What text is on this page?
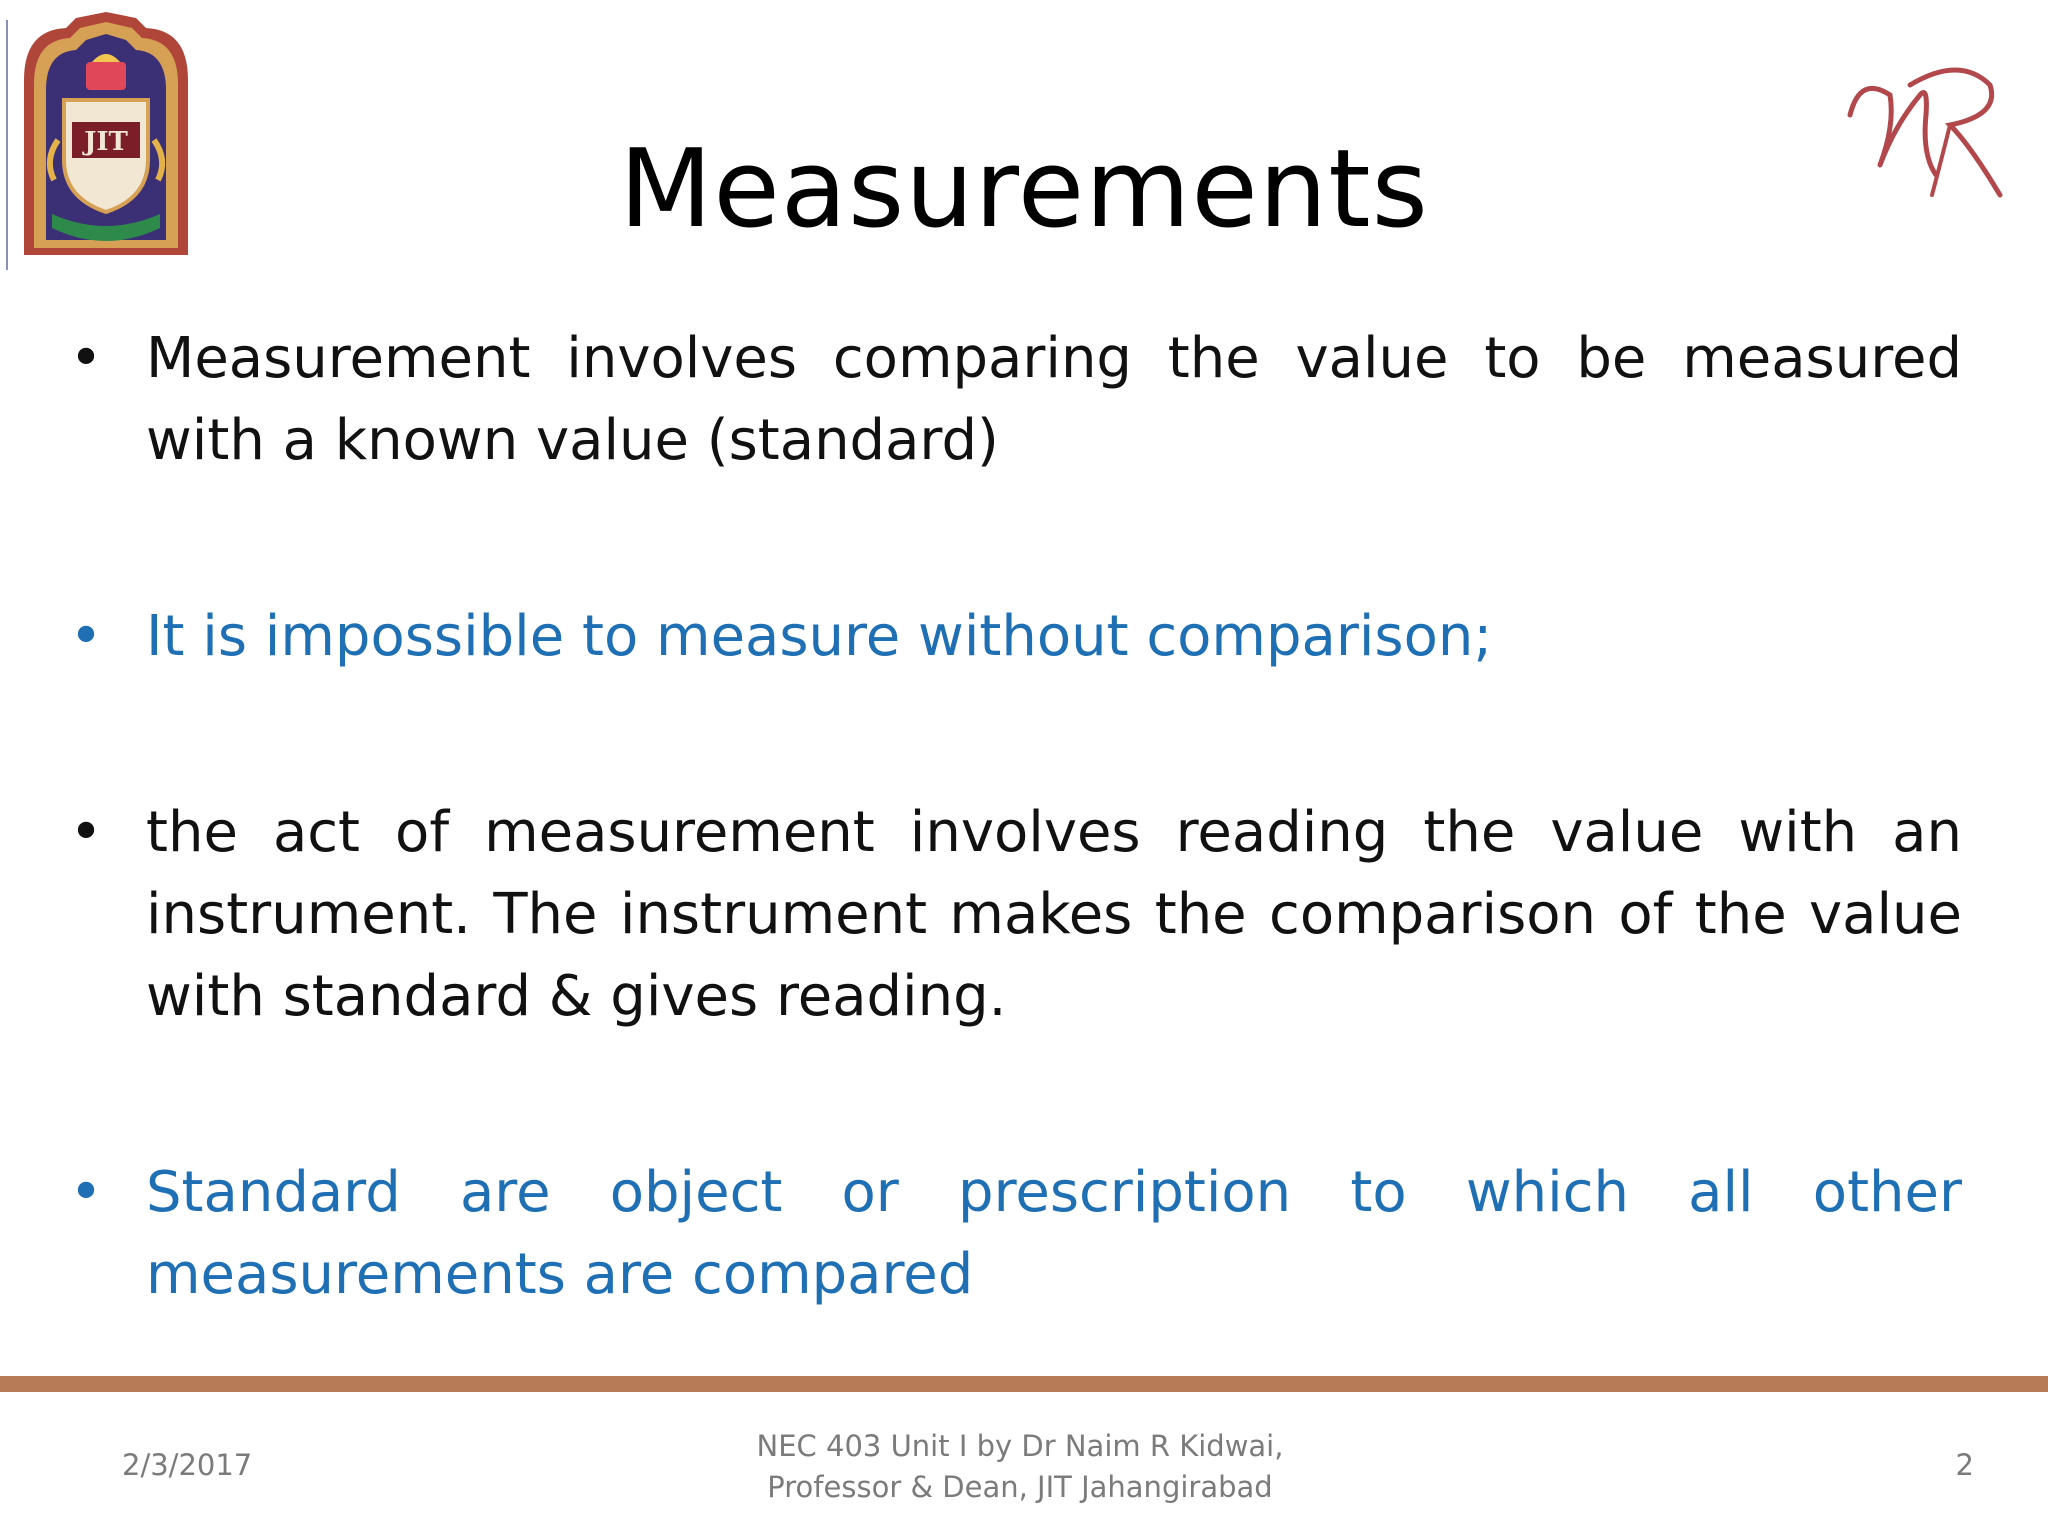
JIT	Measurements
• Measurement involves comparing the value to be measured with a known value (standard)
• It is impossible to measure without comparison;
• the act of measurement involves reading the value with an instrument. The instrument makes the comparison of the value with standard & gives reading.
• Standard are object or prescription to which all other measurements are compared
2/3/2017
NEC 403 Unit I by Dr Naim R Kidwai,
Professor & Dean, JIT Jahangirabad
2
